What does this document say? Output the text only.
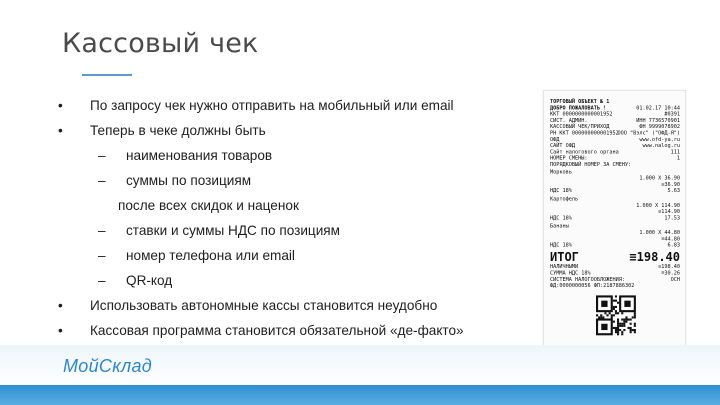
Кассовый чек
•	По запросу чек нужно отправить на мобильный или email
•	Теперь в чеке должны быть
– наименования товаров
– суммы по позициям
после всех скидок и наценок
– ставки и суммы НДС по позициям
– номер телефона или email
– QR-код
•	Использовать автономные кассы становится неудобно
•	Кассовая программа становится обязательной «де-факто»
ТОРГОВЫЙ ОБЪЕКТ № 1
ДОБРО ПОЖАЛОВАТЬ !	01.02.17 10:44
ККТ 0000000000001952	#0391
СИСТ. АДМИН.	ИНН 7736570901
КАССОВЫЙ ЧЕК/ПРИХОД	ФН 9999078902
РН ККТ 000000000001952
ООО "Вэлс" ("ОФД-Я")
ОФД	www.ofd-ya.ru
САЙТ ОФД	www.nalog.ru
Сайт налогового органа	111
НОМЕР СМЕНЫ:	1
ПОРЯДКОВЫЙ НОМЕР ЗА СМЕНУ:
Морковь
1.000 Х 36.90
≡36.90
НДС 18%	5.63
Картофель
1.000 Х 114.90
≡114.90
НДС 18%	17.53
Бананы
1.000 Х 44.80
≡44.80
НДС 18%	6.83
ИТОГ	≡198.40
НАЛИЧНЫМИ	≡198.40
СУММА НДС 18%	≡30.26
СИСТЕМА НАЛОГООБЛОЖЕНИЯ:	ОСН
ФД:0000000056 ФП:2187886302
МойСклад
